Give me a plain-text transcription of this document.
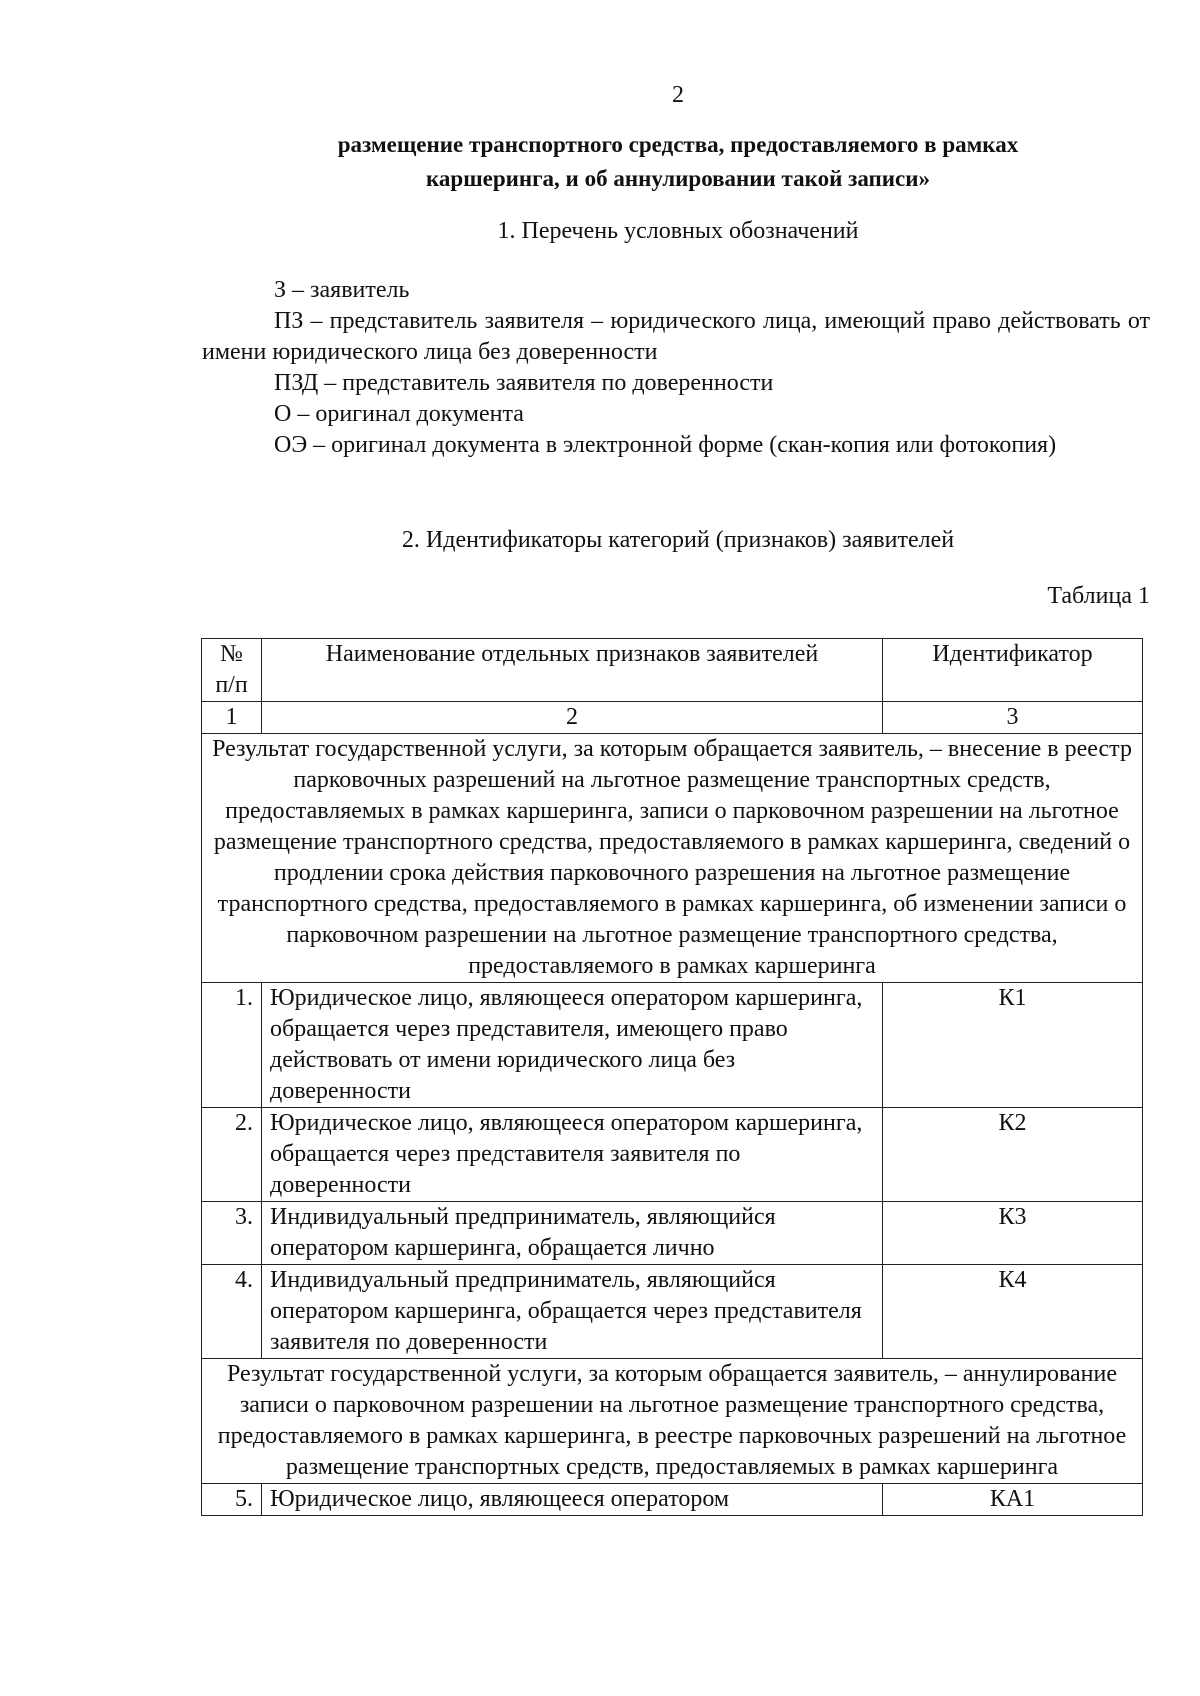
2
размещение транспортного средства, предоставляемого в рамках
каршеринга, и об аннулировании такой записи»
1. Перечень условных обозначений

З – заявитель

ПЗ – представитель заявителя – юридического лица, имеющий право действовать от имени юридического лица без доверенности

ПЗД – представитель заявителя по доверенности

О – оригинал документа

ОЭ – оригинал документа в электронной форме (скан-копия или фотокопия)

2. Идентификаторы категорий (признаков) заявителей
Таблица 1
№ п/п	Наименование отдельных признаков заявителей	Идентификатор
1	2	3
Результат государственной услуги, за которым обращается заявитель, – внесение в реестр парковочных разрешений на льготное размещение транспортных средств, предоставляемых в рамках каршеринга, записи о парковочном разрешении на льготное размещение транспортного средства, предоставляемого в рамках каршеринга, сведений о продлении срока действия парковочного разрешения на льготное размещение транспортного средства, предоставляемого в рамках каршеринга, об изменении записи о парковочном разрешении на льготное размещение транспортного средства, предоставляемого в рамках каршеринга		
1.	Юридическое лицо, являющееся оператором каршеринга, обращается через представителя, имеющего право действовать от имени юридического лица без доверенности	К1
2.	Юридическое лицо, являющееся оператором каршеринга, обращается через представителя заявителя по доверенности	К2
3.	Индивидуальный предприниматель, являющийся оператором каршеринга, обращается лично	К3
4.	Индивидуальный предприниматель, являющийся оператором каршеринга, обращается через представителя заявителя по доверенности	К4
Результат государственной услуги, за которым обращается заявитель, – аннулирование записи о парковочном разрешении на льготное размещение транспортного средства, предоставляемого в рамках каршеринга, в реестре парковочных разрешений на льготное размещение транспортных средств, предоставляемых в рамках каршеринга		
5.	Юридическое лицо, являющееся оператором	КА1
